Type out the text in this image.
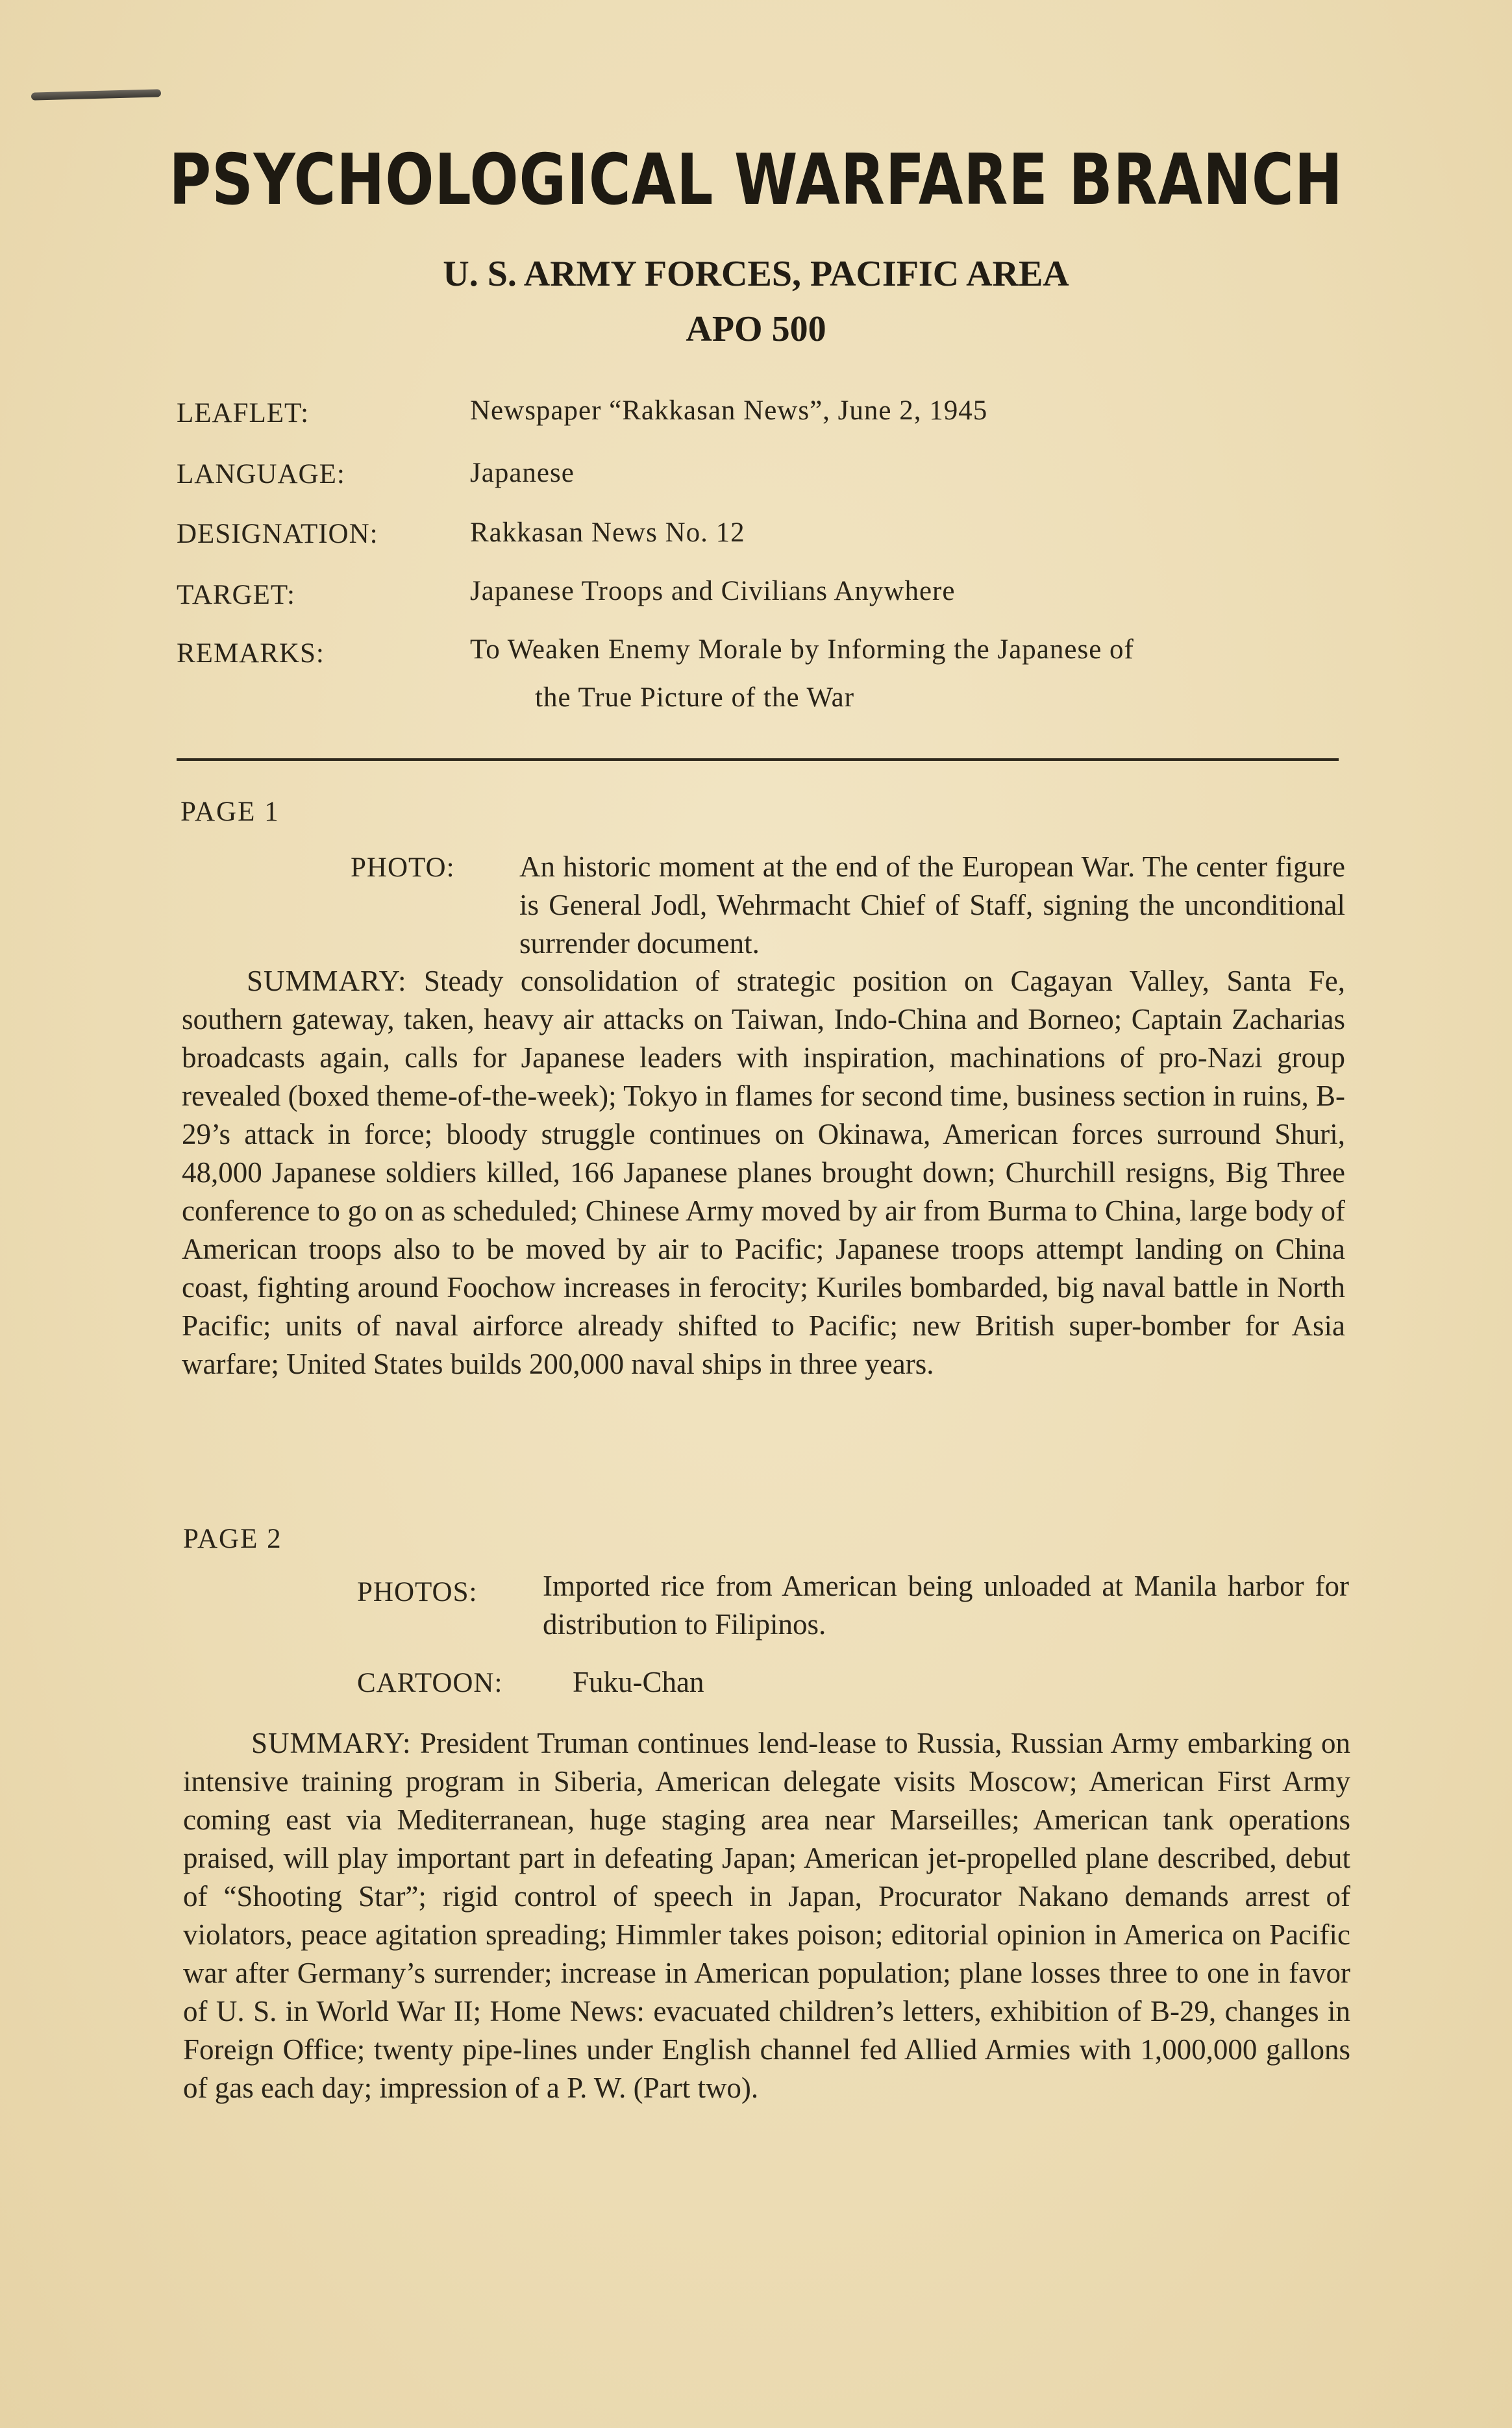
PSYCHOLOGICAL WARFARE BRANCH
U. S. ARMY FORCES, PACIFIC AREA
APO 500
LEAFLET:	Newspaper “Rakkasan News”, June 2, 1945
LANGUAGE:	Japanese
DESIGNATION:	Rakkasan News No. 12
TARGET:	Japanese Troops and Civilians Anywhere
REMARKS:	To Weaken Enemy Morale by Informing the Japanese of
the True Picture of the War
PAGE 1
PHOTO: An historic moment at the end of the European War. The center figure is General Jodl, Wehrmacht Chief of Staff, signing the unconditional surrender document.
SUMMARY: Steady consolidation of strategic position on Cagayan Valley, Santa Fe, southern gateway, taken, heavy air attacks on Taiwan, Indo-China and Borneo; Captain Zacharias broadcasts again, calls for Japanese leaders with inspiration, machinations of pro-Nazi group revealed (boxed theme-of-the-week); Tokyo in flames for second time, business section in ruins, B-29’s attack in force; bloody struggle continues on Okinawa, American forces surround Shuri, 48,000 Japanese soldiers killed, 166 Japanese planes brought down; Churchill resigns, Big Three conference to go on as scheduled; Chinese Army moved by air from Burma to China, large body of American troops also to be moved by air to Pacific; Japanese troops attempt landing on China coast, fighting around Foochow increases in ferocity; Kuriles bombarded, big naval battle in North Pacific; units of naval airforce already shifted to Pacific; new British super-bomber for Asia warfare; United States builds 200,000 naval ships in three years.
PAGE 2
PHOTOS: Imported rice from American being unloaded at Manila harbor for distribution to Filipinos.
CARTOON: Fuku-Chan
SUMMARY: President Truman continues lend-lease to Russia, Russian Army embarking on intensive training program in Siberia, American delegate visits Moscow; American First Army coming east via Mediterranean, huge staging area near Marseilles; American tank operations praised, will play important part in defeating Japan; American jet-propelled plane described, debut of “Shooting Star”; rigid control of speech in Japan, Procurator Nakano demands arrest of violators, peace agitation spreading; Himmler takes poison; editorial opinion in America on Pacific war after Germany’s surrender; increase in American population; plane losses three to one in favor of U. S. in World War II; Home News: evacuated children’s letters, exhibition of B-29, changes in Foreign Office; twenty pipe-lines under English channel fed Allied Armies with 1,000,000 gallons of gas each day; impression of a P. W. (Part two).
